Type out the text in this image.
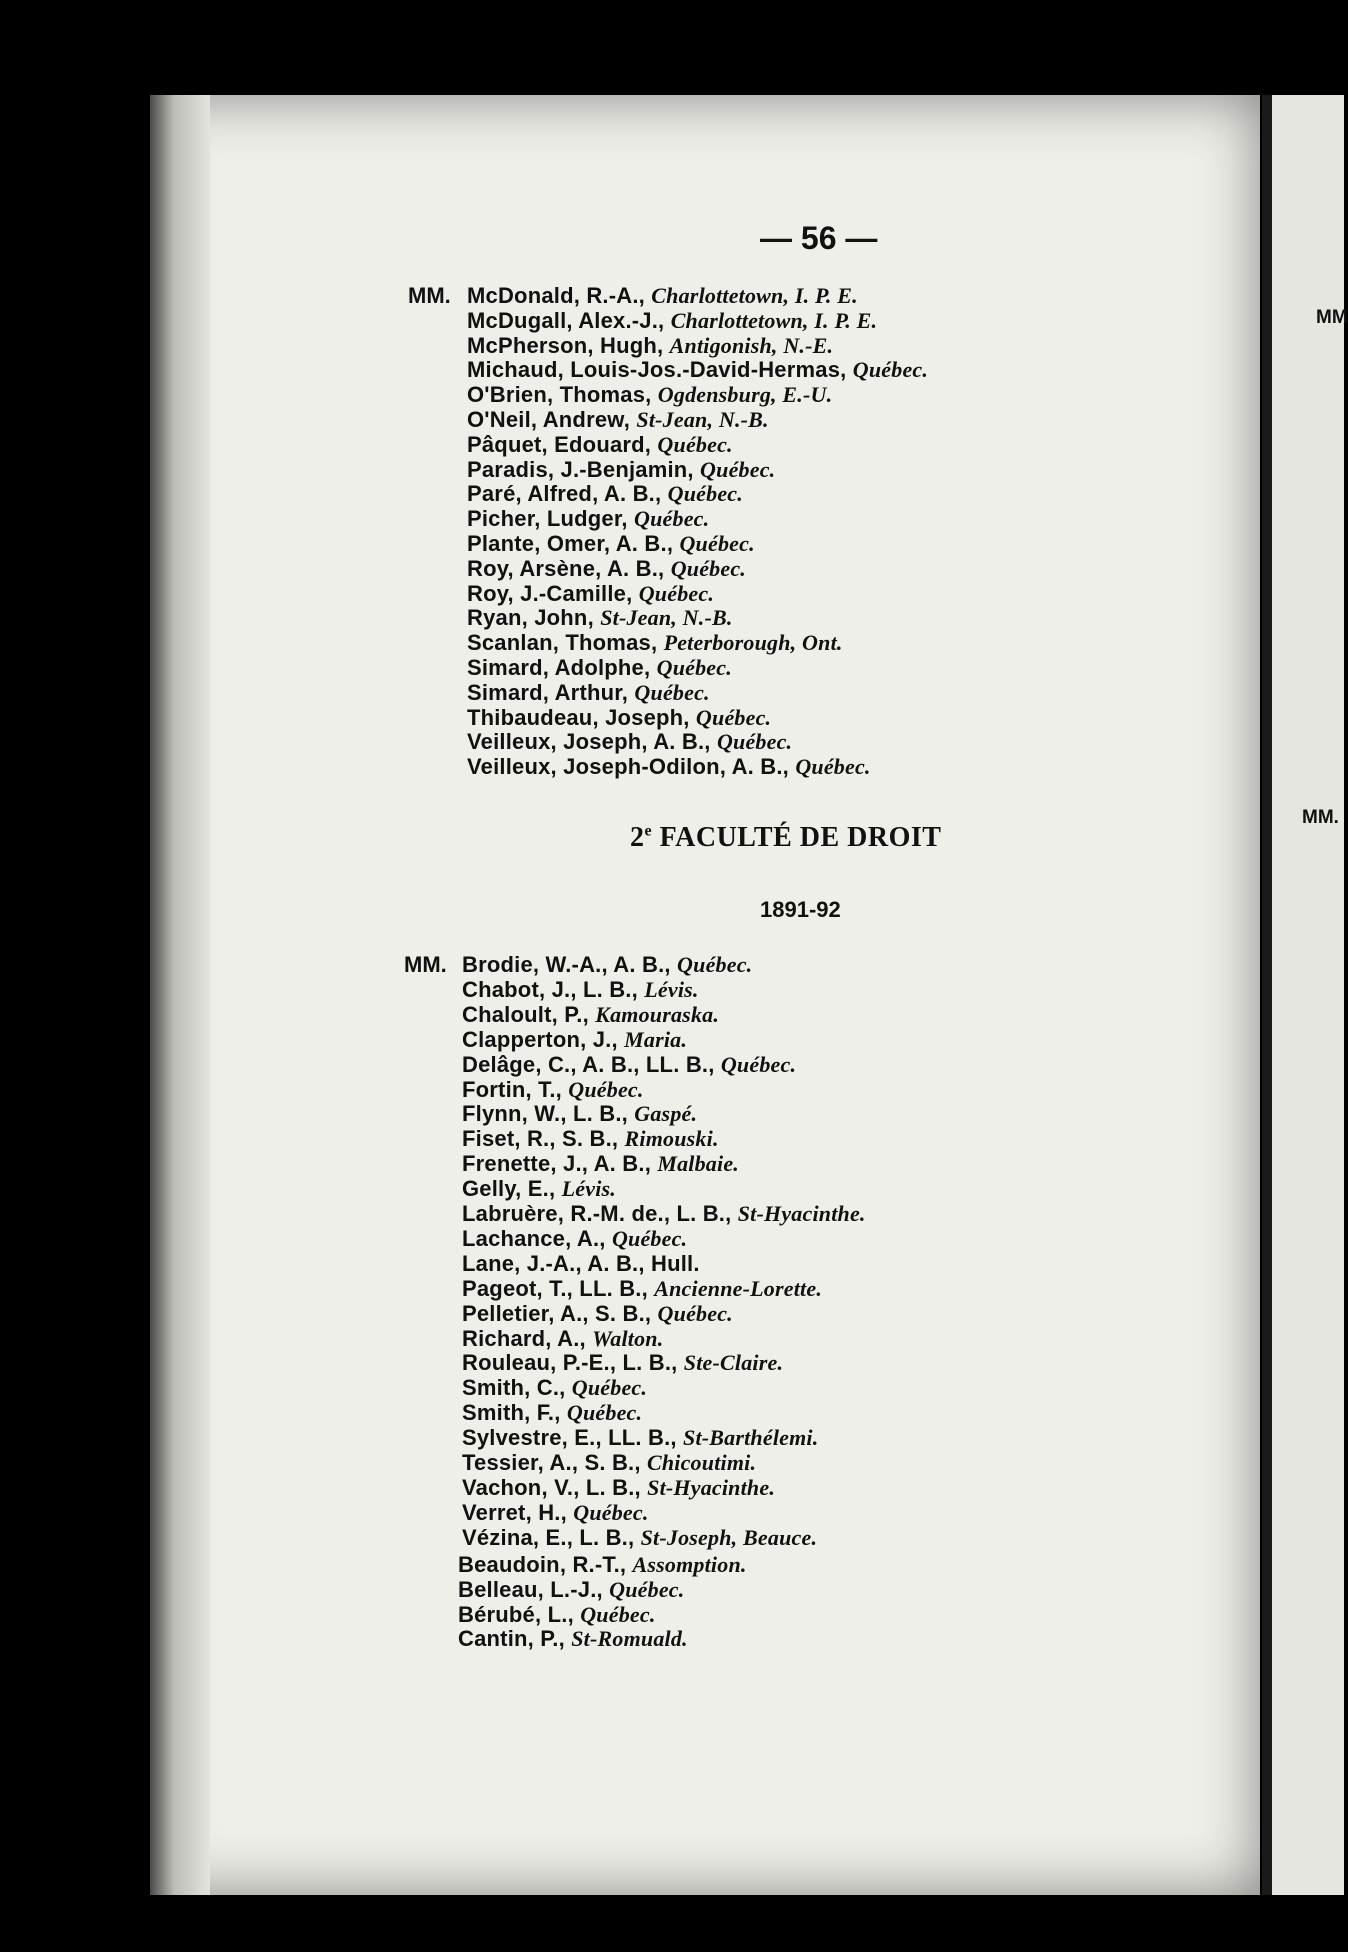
MM
MM.
— 56 —
MM. McDonald, R.-A., Charlottetown, I. P. E.
McDugall, Alex.-J., Charlottetown, I. P. E.
McPherson, Hugh, Antigonish, N.-E.
Michaud, Louis-Jos.-David-Hermas, Québec.
O'Brien, Thomas, Ogdensburg, E.-U.
O'Neil, Andrew, St-Jean, N.-B.
Pâquet, Edouard, Québec.
Paradis, J.-Benjamin, Québec.
Paré, Alfred, A. B., Québec.
Picher, Ludger, Québec.
Plante, Omer, A. B., Québec.
Roy, Arsène, A. B., Québec.
Roy, J.-Camille, Québec.
Ryan, John, St-Jean, N.-B.
Scanlan, Thomas, Peterborough, Ont.
Simard, Adolphe, Québec.
Simard, Arthur, Québec.
Thibaudeau, Joseph, Québec.
Veilleux, Joseph, A. B., Québec.
Veilleux, Joseph-Odilon, A. B., Québec.
2e FACULTÉ DE DROIT
1891-92
MM. Brodie, W.-A., A. B., Québec.
Chabot, J., L. B., Lévis.
Chaloult, P., Kamouraska.
Clapperton, J., Maria.
Delâge, C., A. B., LL. B., Québec.
Fortin, T., Québec.
Flynn, W., L. B., Gaspé.
Fiset, R., S. B., Rimouski.
Frenette, J., A. B., Malbaie.
Gelly, E., Lévis.
Labruère, R.-M. de., L. B., St-Hyacinthe.
Lachance, A., Québec.
Lane, J.-A., A. B., Hull.
Pageot, T., LL. B., Ancienne-Lorette.
Pelletier, A., S. B., Québec.
Richard, A., Walton.
Rouleau, P.-E., L. B., Ste-Claire.
Smith, C., Québec.
Smith, F., Québec.
Sylvestre, E., LL. B., St-Barthélemi.
Tessier, A., S. B., Chicoutimi.
Vachon, V., L. B., St-Hyacinthe.
Verret, H., Québec.
Vézina, E., L. B., St-Joseph, Beauce.
Beaudoin, R.-T., Assomption.
Belleau, L.-J., Québec.
Bérubé, L., Québec.
Cantin, P., St-Romuald.
